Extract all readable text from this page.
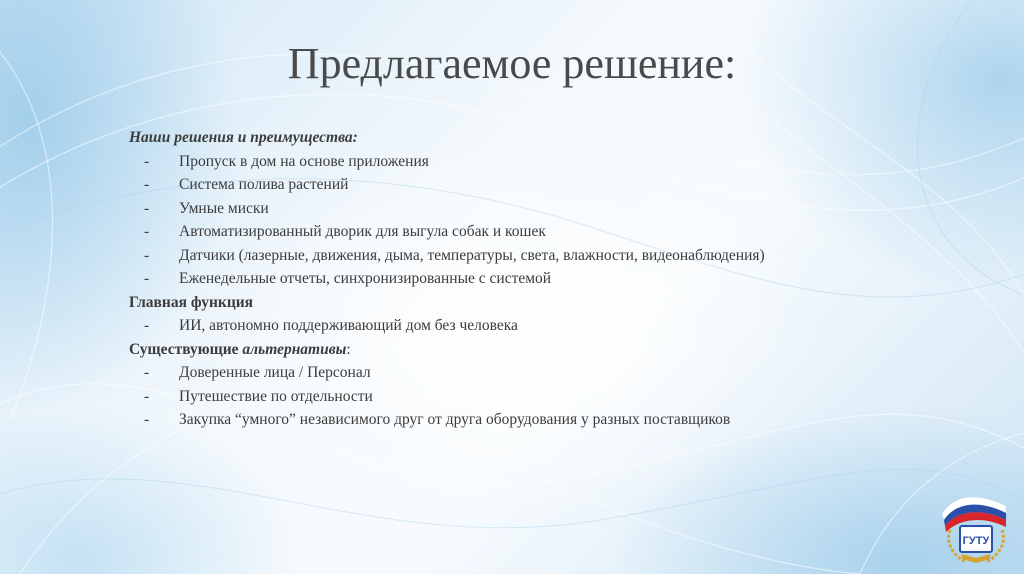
Предлагаемое решение:
Наши решения и преимущества:
- Пропуск в дом на основе приложения
- Система полива растений
- Умные миски
- Автоматизированный дворик для выгула собак и кошек
- Датчики (лазерные, движения, дыма, температуры, света, влажности, видеонаблюдения)
- Еженедельные отчеты, синхронизированные с системой
Главная функция
- ИИ, автономно поддерживающий дом без человека
Существующие альтернативы:
- Доверенные лица / Персонал
- Путешествие по отдельности
- Закупка “умного” независимого друг от друга оборудования у разных поставщиков
ГУТУ
